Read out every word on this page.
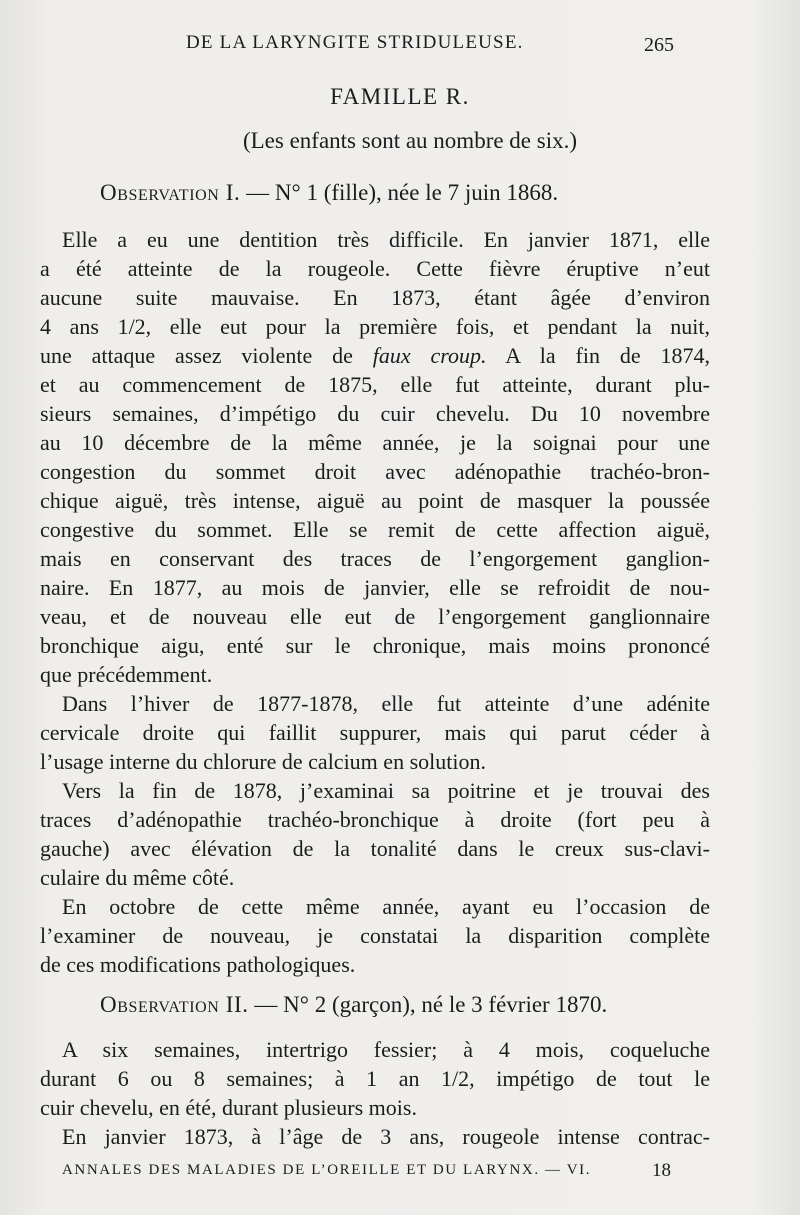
DE LA LARYNGITE STRIDULEUSE.	265
FAMILLE R.
(Les enfants sont au nombre de six.)
Observation I. — N° 1 (fille), née le 7 juin 1868.
Elle a eu une dentition très difficile. En janvier 1871, elle
a été atteinte de la rougeole. Cette fièvre éruptive n’eut
aucune suite mauvaise. En 1873, étant âgée d’environ
4 ans 1/2, elle eut pour la première fois, et pendant la nuit,
une attaque assez violente de faux croup. A la fin de 1874,
et au commencement de 1875, elle fut atteinte, durant plu-
sieurs semaines, d’impétigo du cuir chevelu. Du 10 novembre
au 10 décembre de la même année, je la soignai pour une
congestion du sommet droit avec adénopathie trachéo-bron-
chique aiguë, très intense, aiguë au point de masquer la poussée
congestive du sommet. Elle se remit de cette affection aiguë,
mais en conservant des traces de l’engorgement ganglion-
naire. En 1877, au mois de janvier, elle se refroidit de nou-
veau, et de nouveau elle eut de l’engorgement ganglionnaire
bronchique aigu, enté sur le chronique, mais moins prononcé
que précédemment.
Dans l’hiver de 1877-1878, elle fut atteinte d’une adénite
cervicale droite qui faillit suppurer, mais qui parut céder à
l’usage interne du chlorure de calcium en solution.
Vers la fin de 1878, j’examinai sa poitrine et je trouvai des
traces d’adénopathie trachéo-bronchique à droite (fort peu à
gauche) avec élévation de la tonalité dans le creux sus-clavi-
culaire du même côté.
En octobre de cette même année, ayant eu l’occasion de
l’examiner de nouveau, je constatai la disparition complète
de ces modifications pathologiques.
Observation II. — N° 2 (garçon), né le 3 février 1870.
A six semaines, intertrigo fessier; à 4 mois, coqueluche
durant 6 ou 8 semaines; à 1 an 1/2, impétigo de tout le
cuir chevelu, en été, durant plusieurs mois.
En janvier 1873, à l’âge de 3 ans, rougeole intense contrac-
ANNALES DES MALADIES DE L’OREILLE ET DU LARYNX. — VI.	18
